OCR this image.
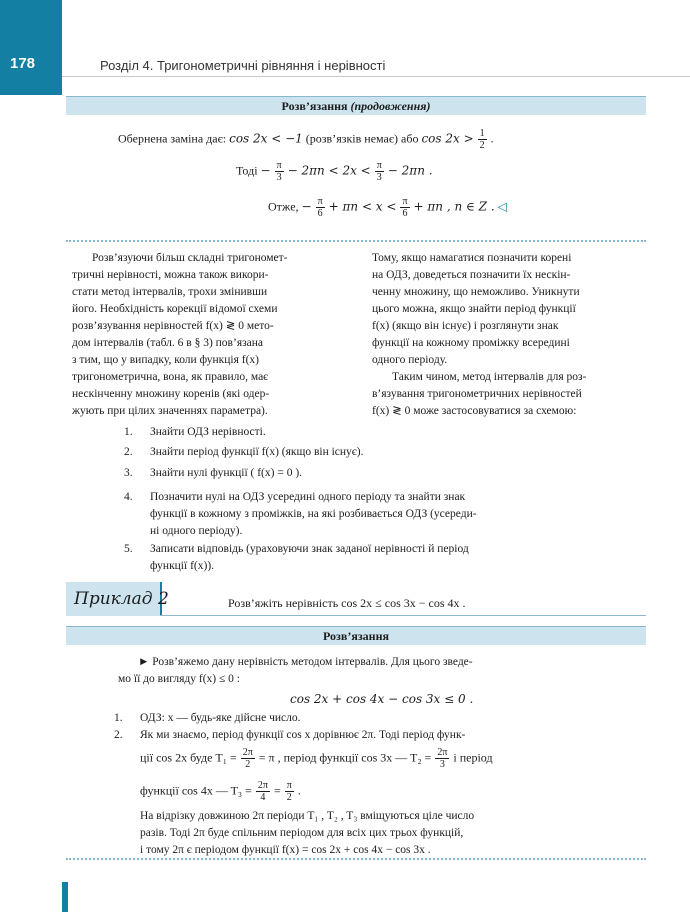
178	Розділ 4. Тригонометричні рівняння і нерівності
Розв’язання (продовження)
Обернена заміна дає: cos 2x < −1 (розв’язків немає) або $\cos 2x > \frac{1}{2}$ .
Тоді − $\frac{\pi}{3} - 2\pi n < 2x < \frac{\pi}{3} - 2\pi n$ .
Отже, − $\frac{\pi}{6} + \pi n < x < \frac{\pi}{6} + \pi n$ , n ∈ Z . ◁
Розв’язуючи більш складні тригономет-
тричні нерівності, можна також викори-
стати метод інтервалів, трохи змінивши
його. Необхідність корекції відомої схеми
розв’язування нерівностей f(x) ≷ 0 мето-
дом інтервалів (табл. 6 в § 3) пов’язана
з тим, що у випадку, коли функція f(x)
тригонометрична, вона, як правило, має
нескінченну множину коренів (які одер-
жують при цілих значеннях параметра).
Тому, якщо намагатися позначити корені
на ОДЗ, доведеться позначити їх нескін-
ченну множину, що неможливо. Уникнути
цього можна, якщо знайти період функції
f(x) (якщо він існує) і розглянути знак
функції на кожному проміжку всередині
одного періоду.
Таким чином, метод інтервалів для роз-
в’язування тригонометричних нерівностей
f(x) ≷ 0 може застосовуватися за схемою:
1. Знайти ОДЗ нерівності.
2. Знайти період функції f(x) (якщо він існує).
3. Знайти нулі функції ( f(x) = 0 ).
4. Позначити нулі на ОДЗ усередині одного періоду та знайти знак
функції в кожному з проміжків, на які розбивається ОДЗ (усереди-
ні одного періоду).
5. Записати відповідь (ураховуючи знак заданої нерівності й період
функції f(x)).
Приклад 2	Розв’яжіть нерівність cos 2x ≤ cos 3x − cos 4x .
Розв’язання
► Розв’яжемо дану нерівність методом інтервалів. Для цього зведе-
мо її до вигляду f(x) ≤ 0 :
cos 2x + cos 4x − cos 3x ≤ 0 .
1. ОДЗ: x — будь-яке дійсне число.
2. Як ми знаємо, період функції cos x дорівнює 2π. Тоді період функ-
ції cos 2x буде $T_1 = \frac{2\pi}{2} = \pi$ , період функції cos 3x — $T_2 = \frac{2\pi}{3}$ і період
функції cos 4x — $T_3 = \frac{2\pi}{4} = \frac{\pi}{2}$ .
На відрізку довжиною 2π періоди T₁ , T₂ , T₃ вміщуються ціле число
разів. Тоді 2π буде спільним періодом для всіх цих трьох функцій,
і тому 2π є періодом функції f(x) = cos 2x + cos 4x − cos 3x .
